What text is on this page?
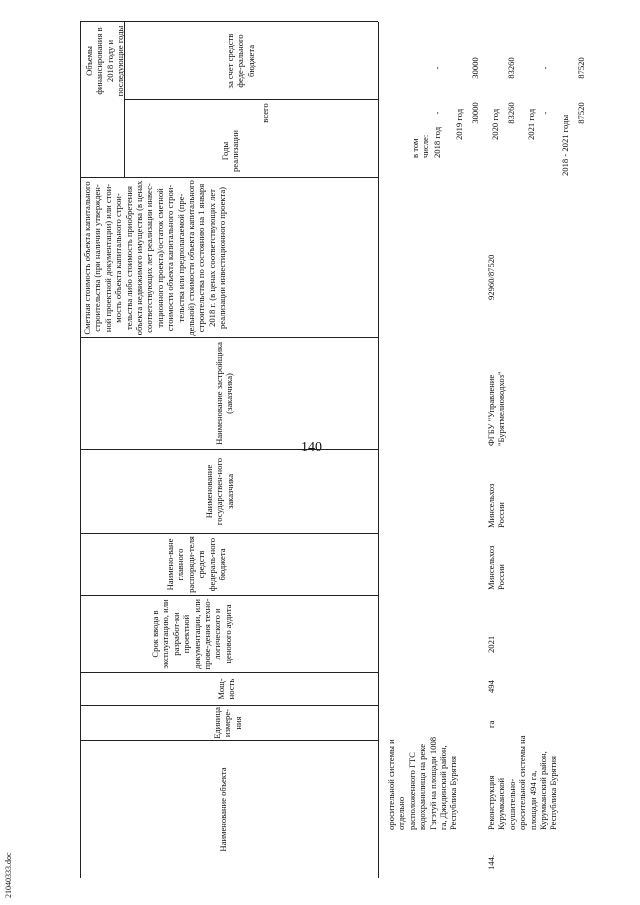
140
Наименование объекта
Единица измере-ния
Мощ-ность
Срок ввода в эксплуатацию, или разработ-ки проектной документации, или прове-дения техно-логического и ценового аудита
Наимено-ване главного распоряди-теля средств федераль-ного бюджета
Наименование государствен-ного заказчика
Наименование застройщика (заказчика)
Сметная стоимость объекта капитального строительства (при наличии утвержден-ной проектной документации) или стои-мость объекта капитального строи-тельства либо стоимость приобретения объекта недвижимого имущества (в ценах соответствующих лет реализации инвес-тиционного проекта)/остаток сметной стоимости объекта капитального строи-тельства или предполагаемой (пре-дельной) стоимости объекта капитального строительства по состоянию на 1 января 2018 г. (в ценах соответствующих лет реализации инвестиционного проекта)
Годы реализации
Объемы финансирования в 2018 году и последующие годы
всего
за счет средств феде-рального бюджета
оросительной системы и отдельно расположенного ГТС водохранилища на реке Гэгэтуй на площади 1008 га, Джидинский район, Республика Бурятия
144.
Реконструкция Курумканской осушительно-оросительной системы на площади 494 га, Курумканский район, Республика Бурятия
га
494
2021
Минсельхоз России
Минсельхоз России
ФГБУ "Управление "Бурятмелиоводхоз"
92960/87520
в том числе: 2018 год
-
-
2019 год 30000
30000
2020 год 83260
83260
2021 год -
-
2018 - 2021 годы
87520
87520
21040333.doc
